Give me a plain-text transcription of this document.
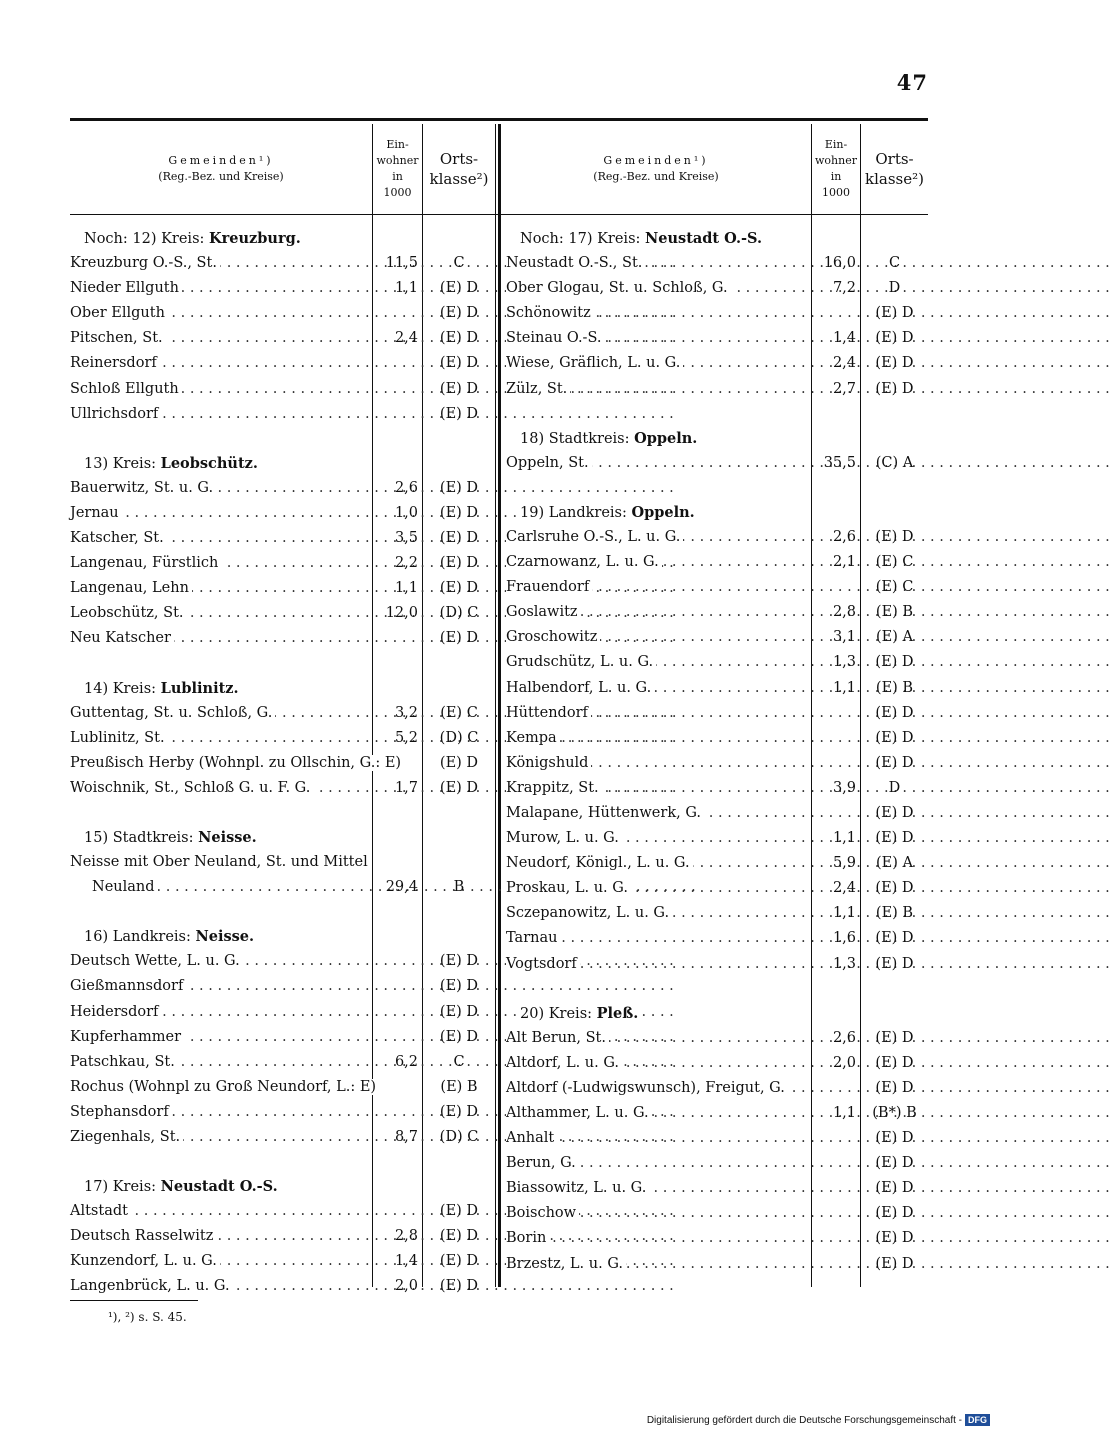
47
Gemeinden¹)
(Reg.-Bez. und Kreise)
Ein-
wohner
in
1000
Orts-
klasse²)
Gemeinden¹)
(Reg.-Bez. und Kreise)
Ein-
wohner
in
1000
Orts-
klasse²)
Noch: 12) Kreis: Kreuzburg.
Kreuzburg O.-S., St. . . .	11,5	C
Nieder Ellguth . . .	1,1	(E) D
Ober Ellguth . . .	(E) D
Pitschen, St. . . .	2,4	(E) D
Reinersdorf . . .	(E) D
Schloß Ellguth . . .	(E) D
Ullrichsdorf . . .	(E) D
13) Kreis: Leobschütz.
Bauerwitz, St. u. G. . . .	2,6	(E) D
Jernau . . .	1,0	(E) D
Katscher, St. . . .	3,5	(E) D
Langenau, Fürstlich . . .	2,2	(E) D
Langenau, Lehn . . .	1,1	(E) D
Leobschütz, St. . . .	12,0	(D) C
Neu Katscher . . .	(E) D
14) Kreis: Lublinitz.
Guttentag, St. u. Schloß, G. . . .	3,2	(E) C
Lublinitz, St. . . .	5,2	(D) C
Preußisch Herby (Wohnpl. zu Ollschin, G.: E)	(E) D
Woischnik, St., Schloß G. u. F. G. . . .	1,7	(E) D
15) Stadtkreis: Neisse.
Neisse mit Ober Neuland, St. und Mittel
Neuland . . .	29,4	B
16) Landkreis: Neisse.
Deutsch Wette, L. u. G. . . .	(E) D
Gießmannsdorf . . .	(E) D
Heidersdorf . . .	(E) D
Kupferhammer . . .	(E) D
Patschkau, St. . . .	6,2	C
Rochus (Wohnpl zu Groß Neundorf, L.: E)	(E) B
Stephansdorf . . .	(E) D
Ziegenhals, St. . . .	8,7	(D) C
17) Kreis: Neustadt O.-S.
Altstadt . . .	(E) D
Deutsch Rasselwitz . . .	2,8	(E) D
Kunzendorf, L. u. G. . . .	1,4	(E) D
Langenbrück, L. u. G. . . .	2,0	(E) D
Noch: 17) Kreis: Neustadt O.-S.
Neustadt O.-S., St. . . .	16,0	C
Ober Glogau, St. u. Schloß, G. . . .	7,2	D
Schönowitz . . .	(E) D
Steinau O.-S. . . .	1,4	(E) D
Wiese, Gräflich, L. u. G. . . .	2,4	(E) D
Zülz, St. . . .	2,7	(E) D
18) Stadtkreis: Oppeln.
Oppeln, St. . . .	35,5	(C) A
19) Landkreis: Oppeln.
Carlsruhe O.-S., L. u. G. . . .	2,6	(E) D
Czarnowanz, L. u. G. . . .	2,1	(E) C
Frauendorf . . .	(E) C
Goslawitz . . .	2,8	(E) B
Groschowitz . . .	3,1	(E) A
Grudschütz, L. u. G. . . .	1,3	(E) D
Halbendorf, L. u. G. . . .	1,1	(E) B
Hüttendorf . . .	(E) D
Kempa . . .	(E) D
Königshuld . . .	(E) D
Krappitz, St. . . .	3,9	D
Malapane, Hüttenwerk, G. . . .	(E) D
Murow, L. u. G. . . .	1,1	(E) D
Neudorf, Königl., L. u. G. . . .	5,9	(E) A
Proskau, L. u. G. . . .	2,4	(E) D
Sczepanowitz, L. u. G. . . .	1,1	(E) B
Tarnau . . .	1,6	(E) D
Vogtsdorf . . .	1,3	(E) D
20) Kreis: Pleß.
Alt Berun, St. . . .	2,6	(E) D
Altdorf, L. u. G. . . .	2,0	(E) D
Altdorf (-Ludwigswunsch), Freigut, G. . . .	(E) D
Althammer, L. u. G. . . .	1,1	(B*) B
Anhalt . . .	(E) D
Berun, G. . . .	(E) D
Biassowitz, L. u. G. . . .	(E) D
Boischow . . .	(E) D
Borin . . .	(E) D
Brzestz, L. u. G. . . .	(E) D
¹), ²) s. S. 45.
Digitalisierung gefördert durch die Deutsche Forschungsgemeinschaft - DFG
